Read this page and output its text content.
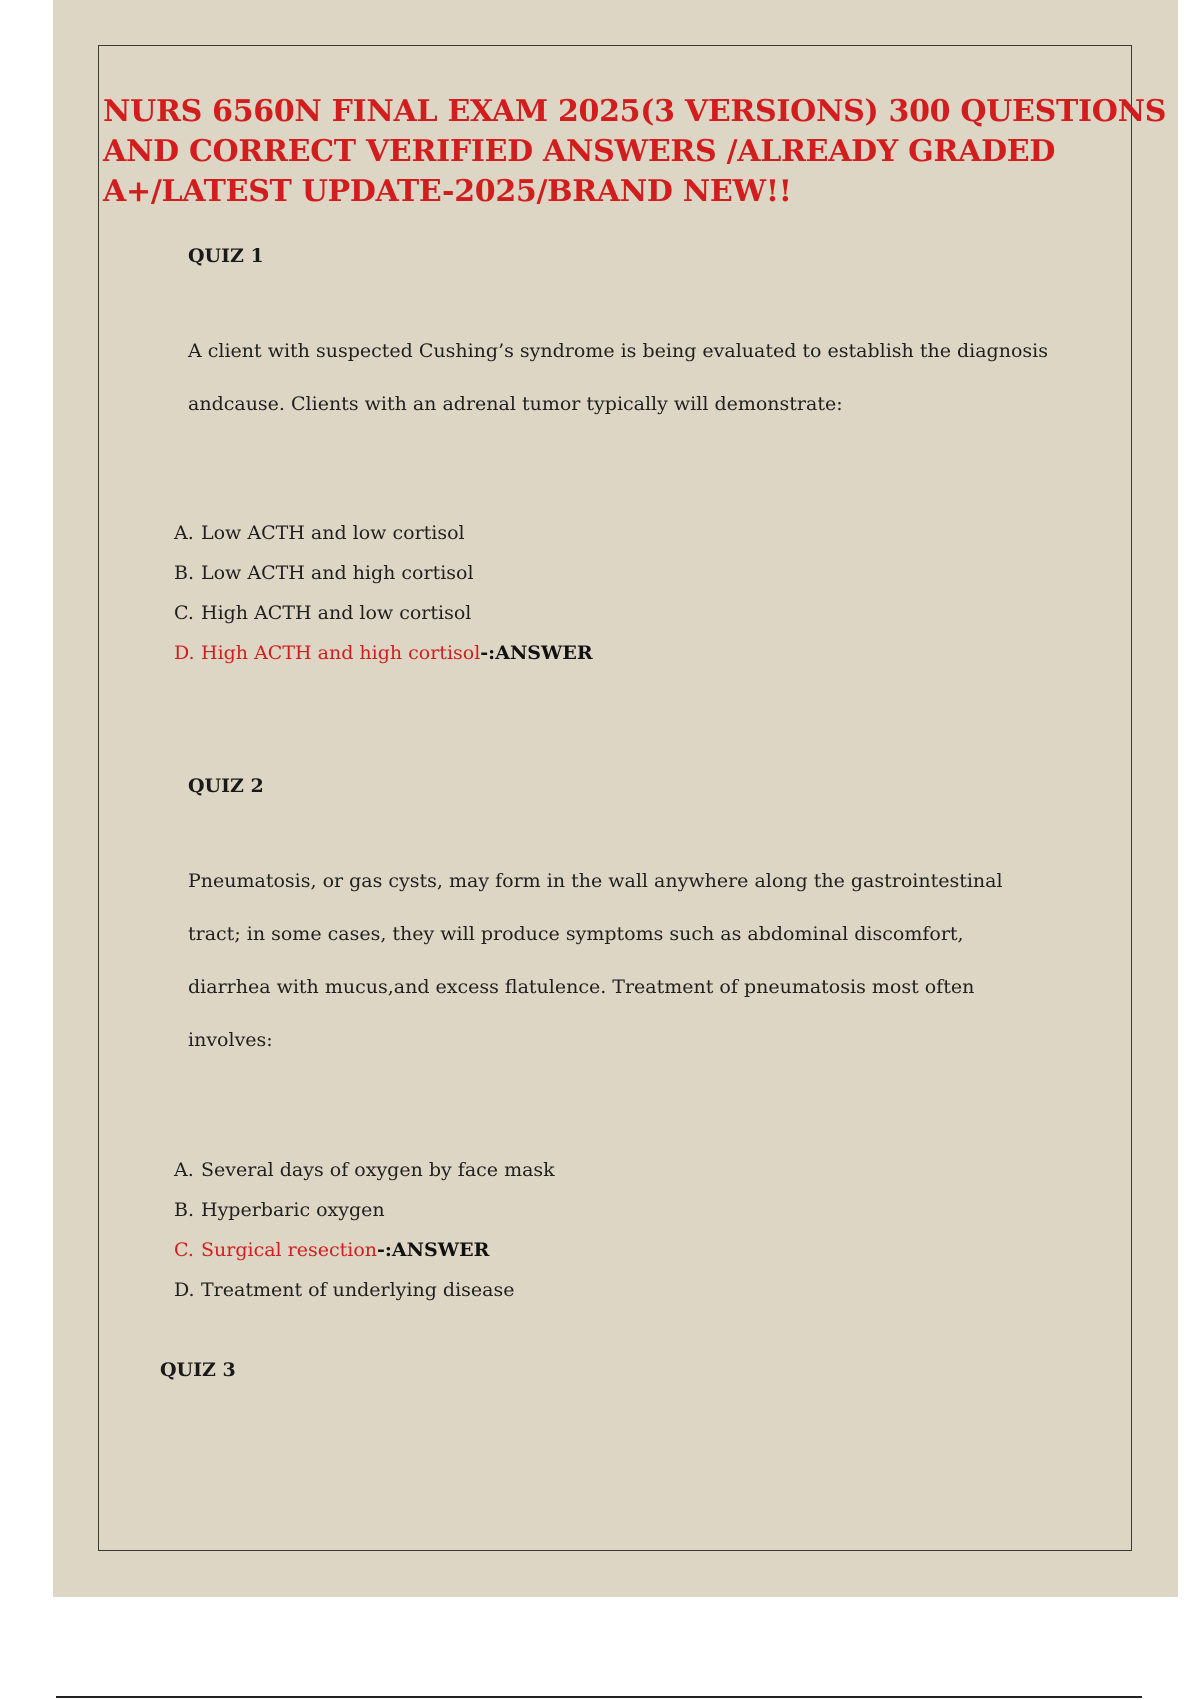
NURS 6560N FINAL EXAM 2025(3 VERSIONS) 300 QUESTIONS
AND CORRECT VERIFIED ANSWERS /ALREADY GRADED
A+/LATEST UPDATE-2025/BRAND NEW!!

QUIZ 1

A client with suspected Cushing’s syndrome is being evaluated to establish the diagnosis
andcause. Clients with an adrenal tumor typically will demonstrate:
A. Low ACTH and low cortisol
B. Low ACTH and high cortisol
C. High ACTH and low cortisol
D. High ACTH and high cortisol-:ANSWER

QUIZ 2

Pneumatosis, or gas cysts, may form in the wall anywhere along the gastrointestinal
tract; in some cases, they will produce symptoms such as abdominal discomfort,
diarrhea with mucus,and excess flatulence. Treatment of pneumatosis most often
involves:
A. Several days of oxygen by face mask
B. Hyperbaric oxygen
C. Surgical resection-:ANSWER
D. Treatment of underlying disease

QUIZ 3
